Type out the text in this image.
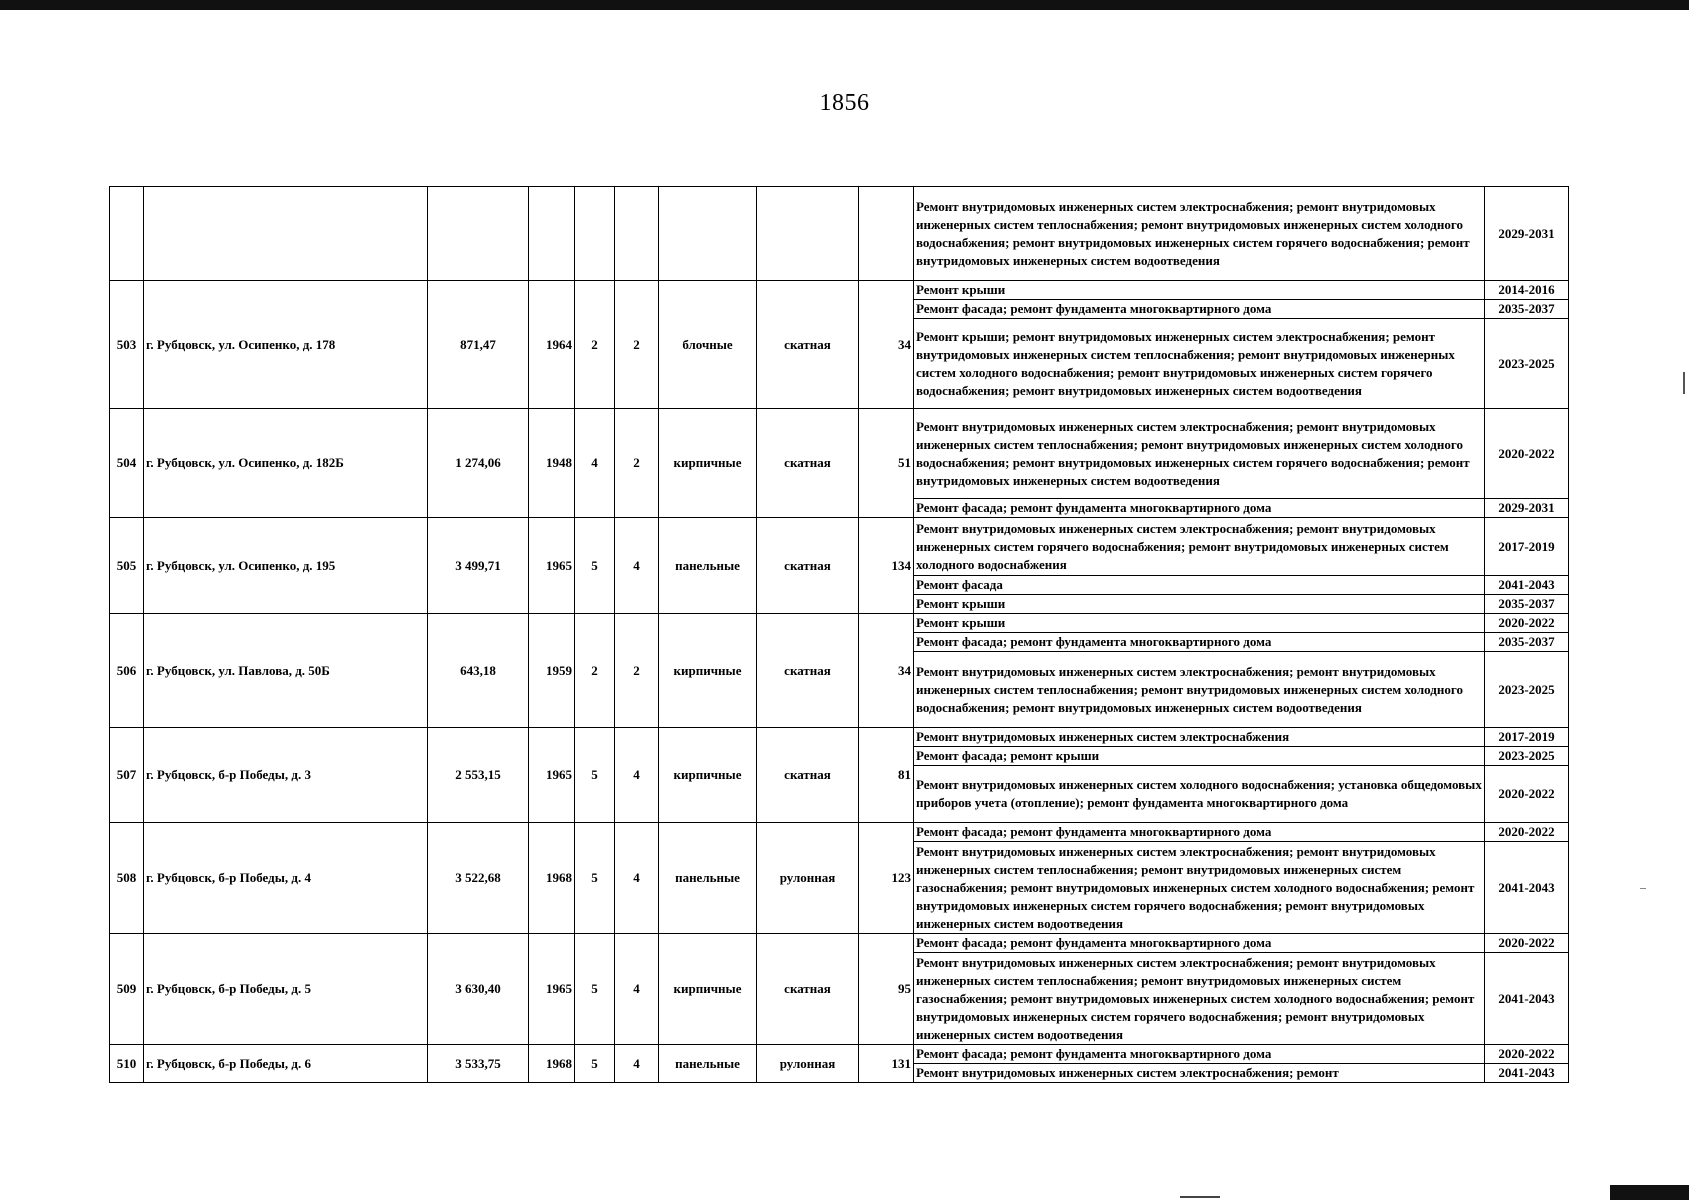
1856
									Ремонт внутридомовых инженерных систем электроснабжения; ремонт внутридомовых инженерных систем теплоснабжения; ремонт внутридомовых инженерных систем холодного водоснабжения; ремонт внутридомовых инженерных систем горячего водоснабжения; ремонт внутридомовых инженерных систем водоотведения	2029-2031
503	г. Рубцовск, ул. Осипенко, д. 178	871,47	1964	2	2	блочные	скатная	34	Ремонт крыши	2014-2016
									Ремонт фасада; ремонт фундамента многоквартирного дома	2035-2037
									Ремонт крыши; ремонт внутридомовых инженерных систем электроснабжения; ремонт внутридомовых инженерных систем теплоснабжения; ремонт внутридомовых инженерных систем холодного водоснабжения; ремонт внутридомовых инженерных систем горячего водоснабжения; ремонт внутридомовых инженерных систем водоотведения	2023-2025
504	г. Рубцовск, ул. Осипенко, д. 182Б	1 274,06	1948	4	2	кирпичные	скатная	51	Ремонт внутридомовых инженерных систем электроснабжения; ремонт внутридомовых инженерных систем теплоснабжения; ремонт внутридомовых инженерных систем холодного водоснабжения; ремонт внутридомовых инженерных систем горячего водоснабжения; ремонт внутридомовых инженерных систем водоотведения	2020-2022
									Ремонт фасада; ремонт фундамента многоквартирного дома	2029-2031
505	г. Рубцовск, ул. Осипенко, д. 195	3 499,71	1965	5	4	панельные	скатная	134	Ремонт внутридомовых инженерных систем электроснабжения; ремонт внутридомовых инженерных систем горячего водоснабжения; ремонт внутридомовых инженерных систем холодного водоснабжения	2017-2019
									Ремонт фасада	2041-2043
									Ремонт крыши	2035-2037
506	г. Рубцовск, ул. Павлова, д. 50Б	643,18	1959	2	2	кирпичные	скатная	34	Ремонт крыши	2020-2022
									Ремонт фасада; ремонт фундамента многоквартирного дома	2035-2037
									Ремонт внутридомовых инженерных систем электроснабжения; ремонт внутридомовых инженерных систем теплоснабжения; ремонт внутридомовых инженерных систем холодного водоснабжения; ремонт внутридомовых инженерных систем водоотведения	2023-2025
507	г. Рубцовск, б-р Победы, д. 3	2 553,15	1965	5	4	кирпичные	скатная	81	Ремонт внутридомовых инженерных систем электроснабжения	2017-2019
									Ремонт фасада; ремонт крыши	2023-2025
									Ремонт внутридомовых инженерных систем холодного водоснабжения; установка общедомовых приборов учета (отопление); ремонт фундамента многоквартирного дома	2020-2022
508	г. Рубцовск, б-р Победы, д. 4	3 522,68	1968	5	4	панельные	рулонная	123	Ремонт фасада; ремонт фундамента многоквартирного дома	2020-2022
									Ремонт внутридомовых инженерных систем электроснабжения; ремонт внутридомовых инженерных систем теплоснабжения; ремонт внутридомовых инженерных систем газоснабжения; ремонт внутридомовых инженерных систем холодного водоснабжения; ремонт внутридомовых инженерных систем горячего водоснабжения; ремонт внутридомовых инженерных систем водоотведения	2041-2043
509	г. Рубцовск, б-р Победы, д. 5	3 630,40	1965	5	4	кирпичные	скатная	95	Ремонт фасада; ремонт фундамента многоквартирного дома	2020-2022
									Ремонт внутридомовых инженерных систем электроснабжения; ремонт внутридомовых инженерных систем теплоснабжения; ремонт внутридомовых инженерных систем газоснабжения; ремонт внутридомовых инженерных систем холодного водоснабжения; ремонт внутридомовых инженерных систем горячего водоснабжения; ремонт внутридомовых инженерных систем водоотведения	2041-2043
510	г. Рубцовск, б-р Победы, д. 6	3 533,75	1968	5	4	панельные	рулонная	131	Ремонт фасада; ремонт фундамента многоквартирного дома	2020-2022
									Ремонт внутридомовых инженерных систем электроснабжения; ремонт	2041-2043
